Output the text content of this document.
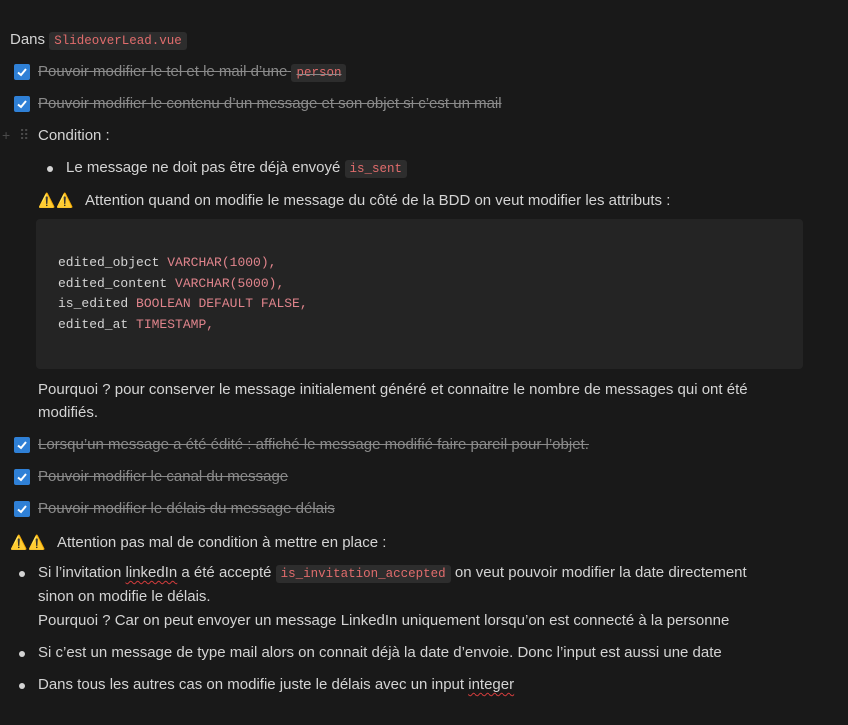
Dans SlideoverLead.vue
Pouvoir modifier le tel et le mail d’une person
Pouvoir modifier le contenu d’un message et son objet si c’est un mail
+ ⠿ Condition :
Le message ne doit pas être déjà envoyé is_sent
⚠️⚠️ Attention quand on modifie le message du côté de la BDD on veut modifier les attributs :
edited_object VARCHAR(1000),
edited_content VARCHAR(5000),
is_edited BOOLEAN DEFAULT FALSE,
edited_at TIMESTAMP,
Pourquoi ? pour conserver le message initialement généré et connaitre le nombre de messages qui ont été
modifiés.
Lorsqu’un message a été édité : affiché le message modifié faire pareil pour l’objet.
Pouvoir modifier le canal du message
Pouvoir modifier le délais du message délais
⚠️⚠️ Attention pas mal de condition à mettre en place :
Si l’invitation linkedIn a été accepté is_invitation_accepted on veut pouvoir modifier la date directement
sinon on modifie le délais.
Pourquoi ? Car on peut envoyer un message LinkedIn uniquement lorsqu’on est connecté à la personne
Si c’est un message de type mail alors on connait déjà la date d’envoie. Donc l’input est aussi une date
Dans tous les autres cas on modifie juste le délais avec un input integer
